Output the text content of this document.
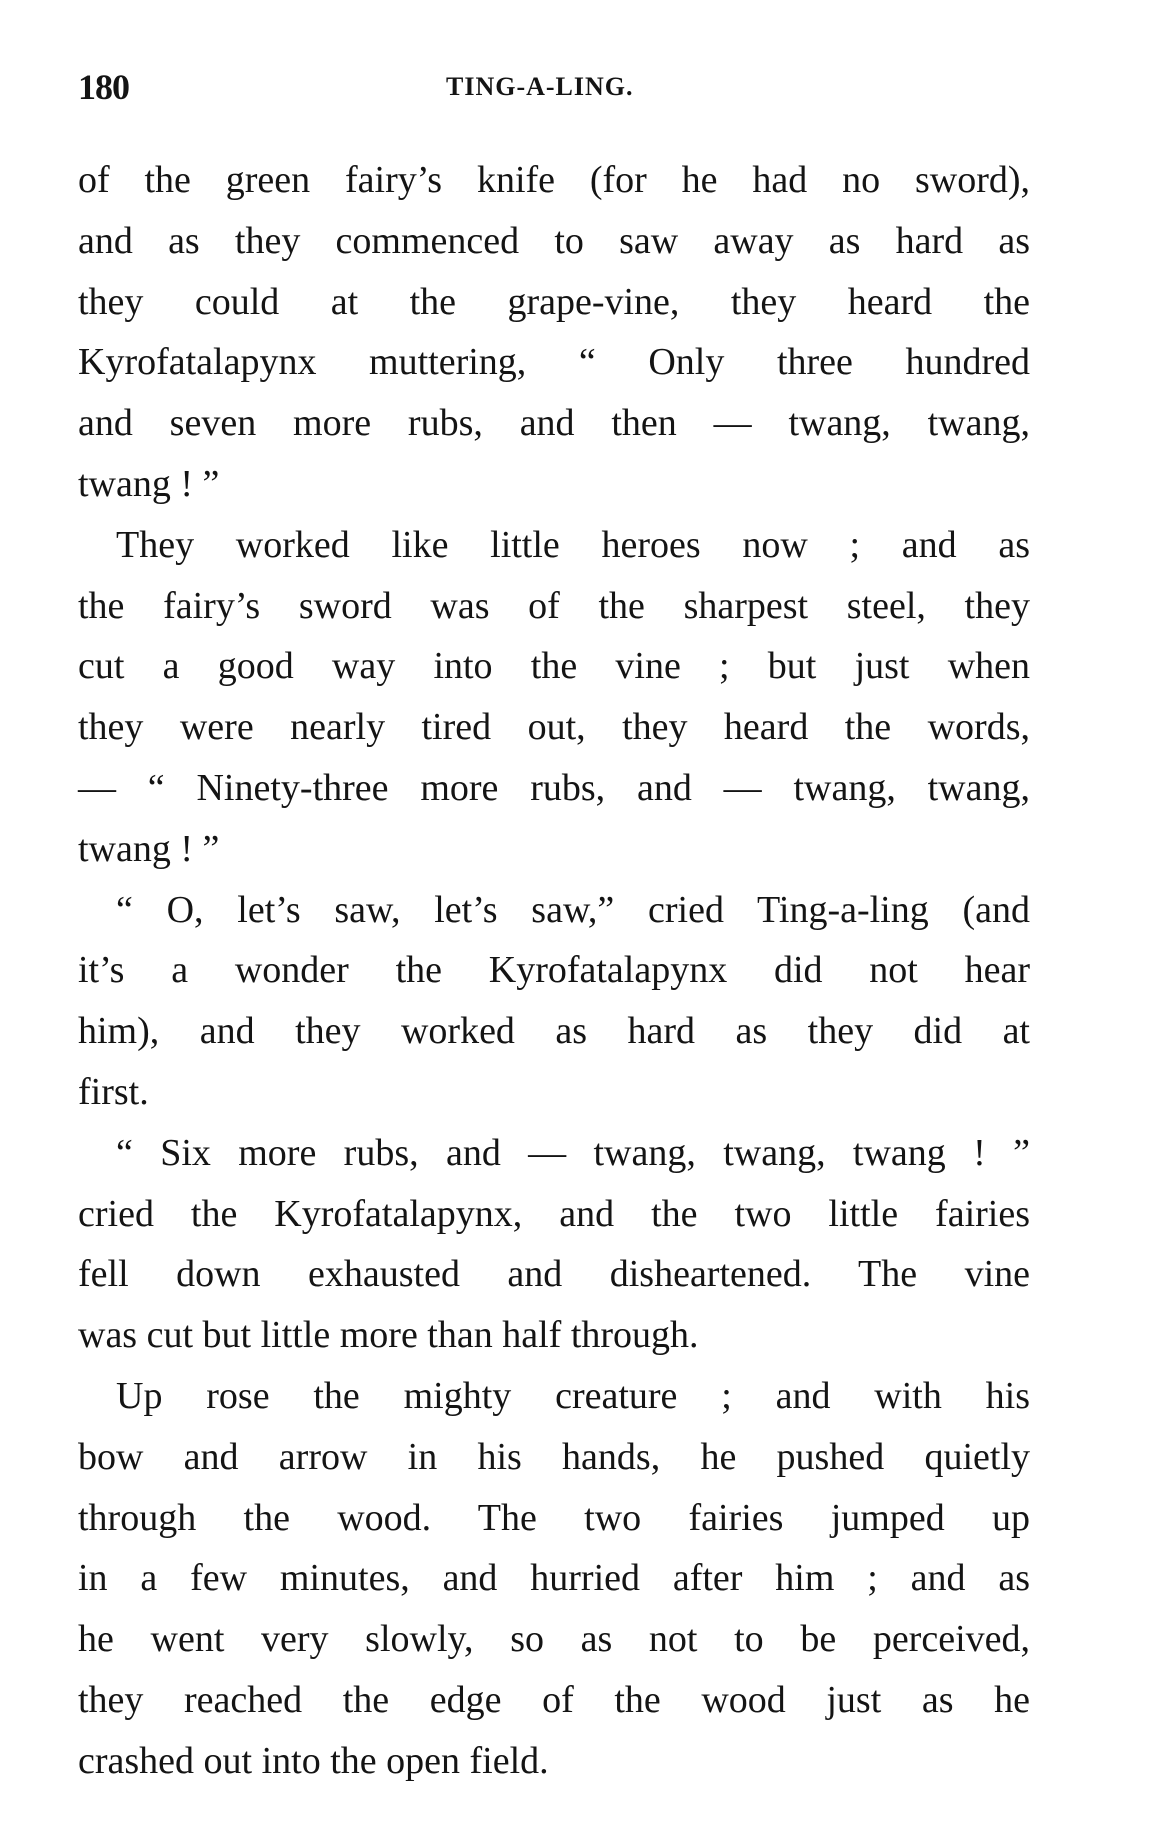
180	TING-A-LING.
of the green fairy’s knife (for he had no sword),
and as they commenced to saw away as hard as
they could at the grape-vine, they heard the
Kyrofatalapynx muttering, “ Only three hundred
and seven more rubs, and then — twang, twang,
twang ! ”
They worked like little heroes now ; and as
the fairy’s sword was of the sharpest steel, they
cut a good way into the vine ; but just when
they were nearly tired out, they heard the words,
— “ Ninety-three more rubs, and — twang, twang,
twang ! ”
“ O, let’s saw, let’s saw,” cried Ting-a-ling (and
it’s a wonder the Kyrofatalapynx did not hear
him), and they worked as hard as they did at
first.
“ Six more rubs, and — twang, twang, twang ! ”
cried the Kyrofatalapynx, and the two little fairies
fell down exhausted and disheartened. The vine
was cut but little more than half through.
Up rose the mighty creature ; and with his
bow and arrow in his hands, he pushed quietly
through the wood. The two fairies jumped up
in a few minutes, and hurried after him ; and as
he went very slowly, so as not to be perceived,
they reached the edge of the wood just as he
crashed out into the open field.
